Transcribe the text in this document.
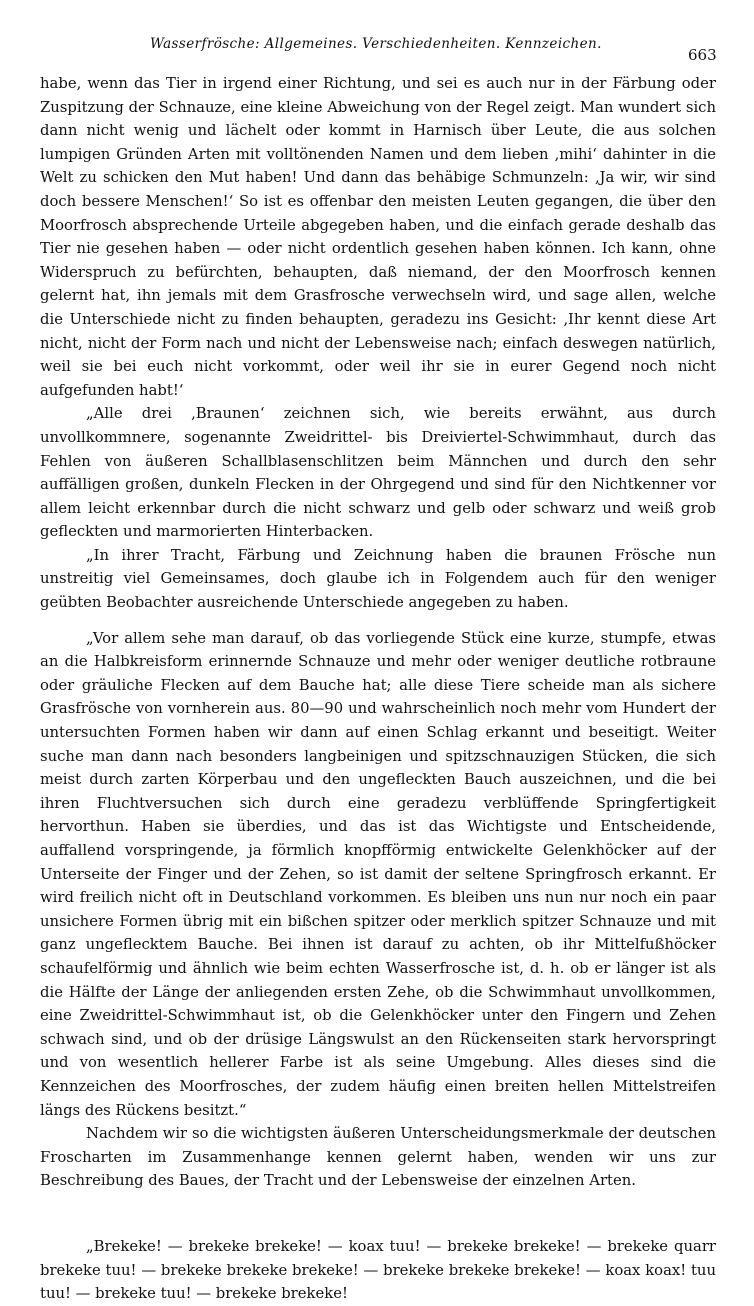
Wasserfrösche: Allgemeines. Verschiedenheiten. Kennzeichen.
663

habe, wenn das Tier in irgend einer Richtung, und sei es auch nur in der Färbung oder Zuspitzung der Schnauze, eine kleine Abweichung von der Regel zeigt. Man wundert sich dann nicht wenig und lächelt oder kommt in Harnisch über Leute, die aus solchen lumpigen Gründen Arten mit volltönenden Namen und dem lieben ‚mihi‘ dahinter in die Welt zu schicken den Mut haben! Und dann das behäbige Schmunzeln: ‚Ja wir, wir sind doch bessere Menschen!‘ So ist es offenbar den meisten Leuten gegangen, die über den Moorfrosch absprechende Urteile abgegeben haben, und die einfach gerade deshalb das Tier nie gesehen haben — oder nicht ordentlich gesehen haben können. Ich kann, ohne Widerspruch zu befürchten, behaupten, daß niemand, der den Moorfrosch kennen gelernt hat, ihn jemals mit dem Grasfrosche verwechseln wird, und sage allen, welche die Unterschiede nicht zu finden behaupten, geradezu ins Gesicht: ‚Ihr kennt diese Art nicht, nicht der Form nach und nicht der Lebensweise nach; einfach deswegen natürlich, weil sie bei euch nicht vorkommt, oder weil ihr sie in eurer Gegend noch nicht aufgefunden habt!‘

„Alle drei ‚Braunen‘ zeichnen sich, wie bereits erwähnt, aus durch unvollkommnere, sogenannte Zweidrittel- bis Dreiviertel-Schwimmhaut, durch das Fehlen von äußeren Schallblasenschlitzen beim Männchen und durch den sehr auffälligen großen, dunkeln Flecken in der Ohrgegend und sind für den Nichtkenner vor allem leicht erkennbar durch die nicht schwarz und gelb oder schwarz und weiß grob gefleckten und marmorierten Hinterbacken.

„In ihrer Tracht, Färbung und Zeichnung haben die braunen Frösche nun unstreitig viel Gemeinsames, doch glaube ich in Folgendem auch für den weniger geübten Beobachter ausreichende Unterschiede angegeben zu haben.

„Vor allem sehe man darauf, ob das vorliegende Stück eine kurze, stumpfe, etwas an die Halbkreisform erinnernde Schnauze und mehr oder weniger deutliche rotbraune oder gräuliche Flecken auf dem Bauche hat; alle diese Tiere scheide man als sichere Grasfrösche von vornherein aus. 80—90 und wahrscheinlich noch mehr vom Hundert der untersuchten Formen haben wir dann auf einen Schlag erkannt und beseitigt. Weiter suche man dann nach besonders langbeinigen und spitzschnauzigen Stücken, die sich meist durch zarten Körperbau und den ungefleckten Bauch auszeichnen, und die bei ihren Fluchtversuchen sich durch eine geradezu verblüffende Springfertigkeit hervorthun. Haben sie überdies, und das ist das Wichtigste und Entscheidende, auffallend vorspringende, ja förmlich knopfförmig entwickelte Gelenkhöcker auf der Unterseite der Finger und der Zehen, so ist damit der seltene Springfrosch erkannt. Er wird freilich nicht oft in Deutschland vorkommen. Es bleiben uns nun nur noch ein paar unsichere Formen übrig mit ein bißchen spitzer oder merklich spitzer Schnauze und mit ganz ungeflecktem Bauche. Bei ihnen ist darauf zu achten, ob ihr Mittelfußhöcker schaufelförmig und ähnlich wie beim echten Wasserfrosche ist, d. h. ob er länger ist als die Hälfte der Länge der anliegenden ersten Zehe, ob die Schwimmhaut unvollkommen, eine Zweidrittel-Schwimmhaut ist, ob die Gelenkhöcker unter den Fingern und Zehen schwach sind, und ob der drüsige Längswulst an den Rückenseiten stark hervorspringt und von wesentlich hellerer Farbe ist als seine Umgebung. Alles dieses sind die Kennzeichen des Moorfrosches, der zudem häufig einen breiten hellen Mittelstreifen längs des Rückens besitzt.“

Nachdem wir so die wichtigsten äußeren Unterscheidungsmerkmale der deutschen Froscharten im Zusammenhange kennen gelernt haben, wenden wir uns zur Beschreibung des Baues, der Tracht und der Lebensweise der einzelnen Arten.

„Brekeke! — brekeke brekeke! — koax tuu! — brekeke brekeke! — brekeke quarr brekeke tuu! — brekeke brekeke brekeke! — brekeke brekeke brekeke! — koax koax! tuu tuu! — brekeke tuu! — brekeke brekeke!
